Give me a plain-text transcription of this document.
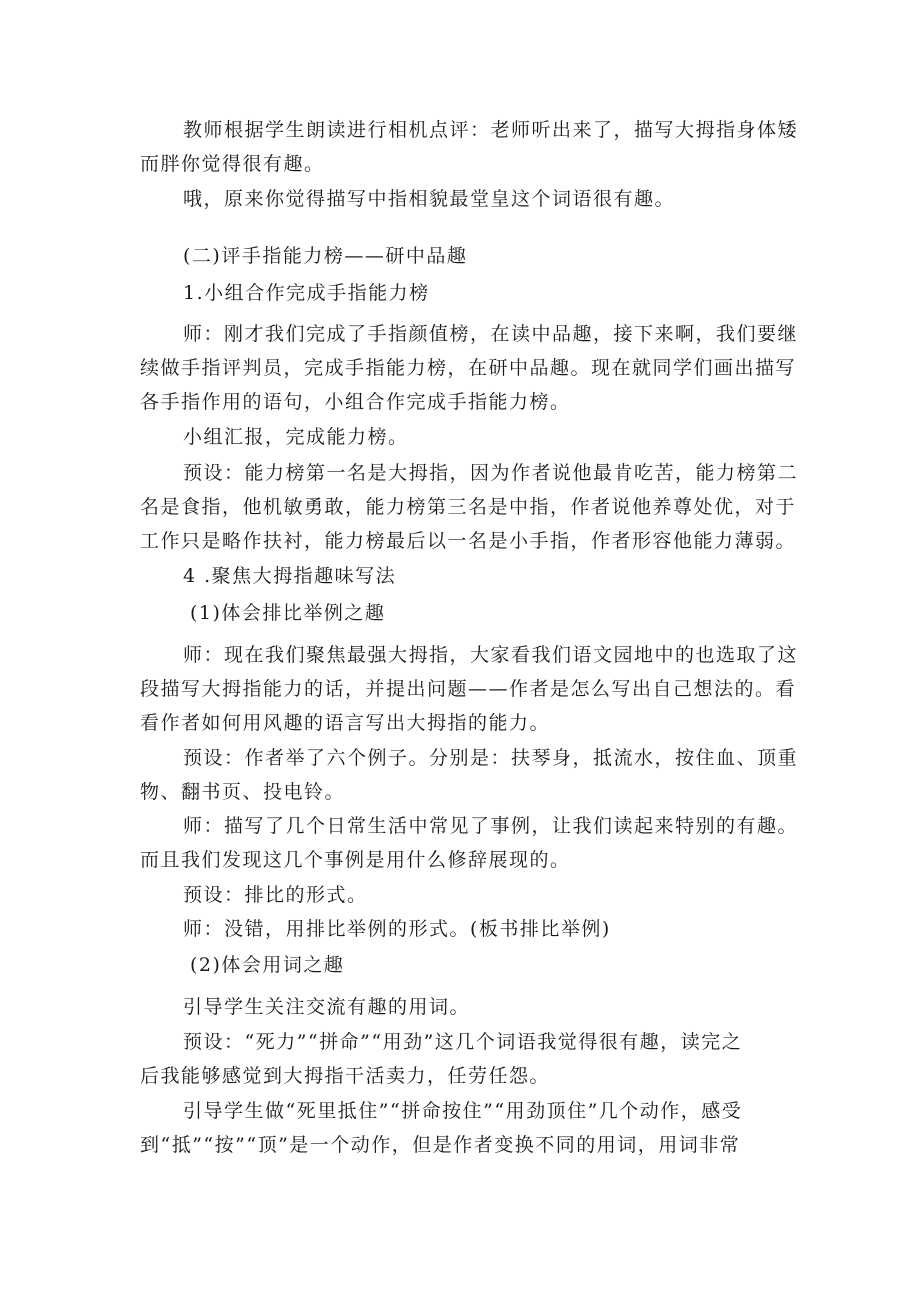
教师根据学生朗读进行相机点评：老师听出来了，描写大拇指身体矮
而胖你觉得很有趣。
哦，原来你觉得描写中指相貌最堂皇这个词语很有趣。
(二)评手指能力榜——研中品趣
1.小组合作完成手指能力榜
师：刚才我们完成了手指颜值榜，在读中品趣，接下来啊，我们要继
续做手指评判员，完成手指能力榜，在研中品趣。现在就同学们画出描写
各手指作用的语句，小组合作完成手指能力榜。
小组汇报，完成能力榜。
预设：能力榜第一名是大拇指，因为作者说他最肯吃苦，能力榜第二
名是食指，他机敏勇敢，能力榜第三名是中指，作者说他养尊处优，对于
工作只是略作扶衬，能力榜最后以一名是小手指，作者形容他能力薄弱。
4 .聚焦大拇指趣味写法
(1)体会排比举例之趣
师：现在我们聚焦最强大拇指，大家看我们语文园地中的也选取了这
段描写大拇指能力的话，并提出问题——作者是怎么写出自己想法的。看
看作者如何用风趣的语言写出大拇指的能力。
预设：作者举了六个例子。分别是：扶琴身，抵流水，按住血、顶重
物、翻书页、投电铃。
师：描写了几个日常生活中常见了事例，让我们读起来特别的有趣。
而且我们发现这几个事例是用什么修辞展现的。
预设：排比的形式。
师：没错，用排比举例的形式。(板书排比举例)
(2)体会用词之趣
引导学生关注交流有趣的用词。
预设：“死力”“拼命”“用劲”这几个词语我觉得很有趣，读完之
后我能够感觉到大拇指干活卖力，任劳任怨。
引导学生做“死里抵住”“拼命按住”“用劲顶住”几个动作，感受
到“抵”“按”“顶”是一个动作，但是作者变换不同的用词，用词非常
